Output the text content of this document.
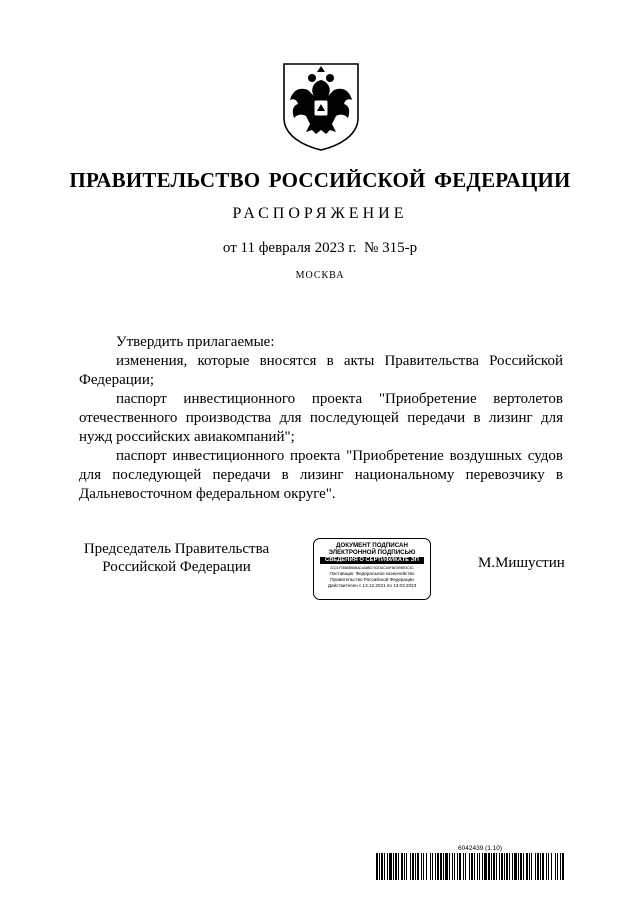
ПРАВИТЕЛЬСТВО РОССИЙСКОЙ ФЕДЕРАЦИИ
РАСПОРЯЖЕНИЕ
от 11 февраля 2023 г.  № 315-р
МОСКВА

Утвердить прилагаемые:

изменения, которые вносятся в акты Правительства Российской Федерации;

паспорт инвестиционного проекта "Приобретение вертолетов отечественного производства для последующей передачи в лизинг для нужд российских авиакомпаний";

паспорт инвестиционного проекта "Приобретение воздушных судов для последующей передачи в лизинг национальному перевозчику в Дальневосточном федеральном округе".

Председатель Правительства
Российской Федерации
ДОКУМЕНТ ПОДПИСАН
ЭЛЕКТРОННОЙ ПОДПИСЬЮ
СВЕДЕНИЯ О СЕРТИФИКАТЕ ЭП
2CD1F3B8BBB8BAD4A88D70023ACA5F66789BE5C3C
Поставщик: Федеральное казначейство
Правительство Российской Федерации
Действителен с 13.12.2021 по 13.03.2023
М.Мишустин
6042439 (1.10)
